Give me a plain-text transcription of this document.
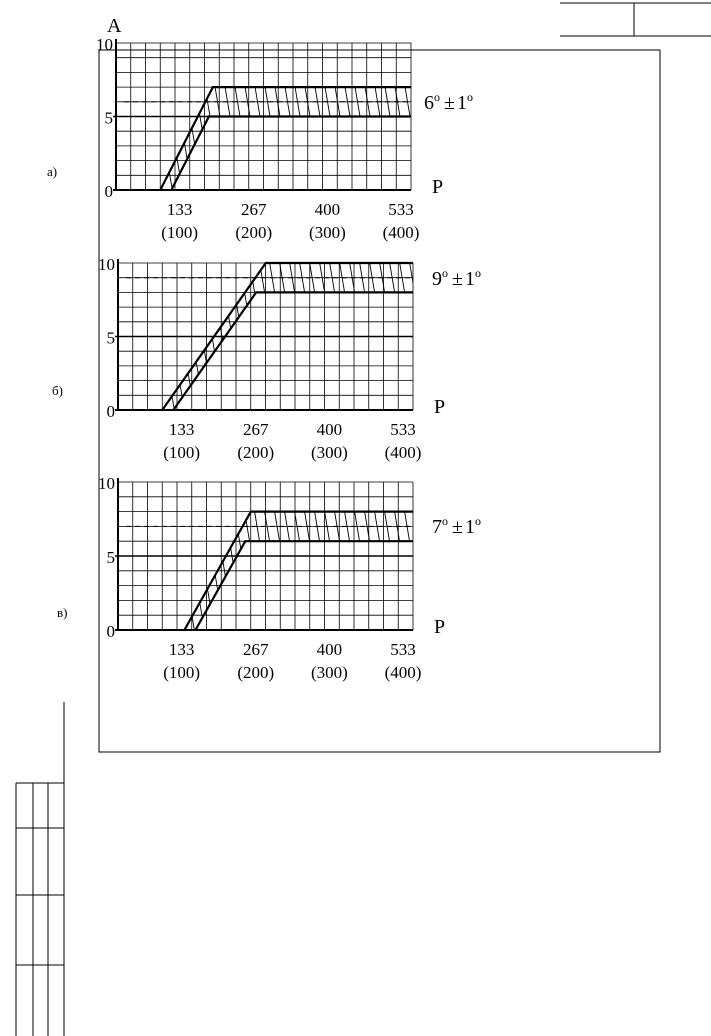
А
0
5
10
133
(100)
267
(200)
400
(300)
533
(400)
P
а)
$6^о \pm 1^о$
0
5
10
133
(100)
267
(200)
400
(300)
533
(400)
P
б)
$9^о \pm 1^о$
0
5
10
133
(100)
267
(200)
400
(300)
533
(400)
P
в)
$7^о \pm 1^о$
